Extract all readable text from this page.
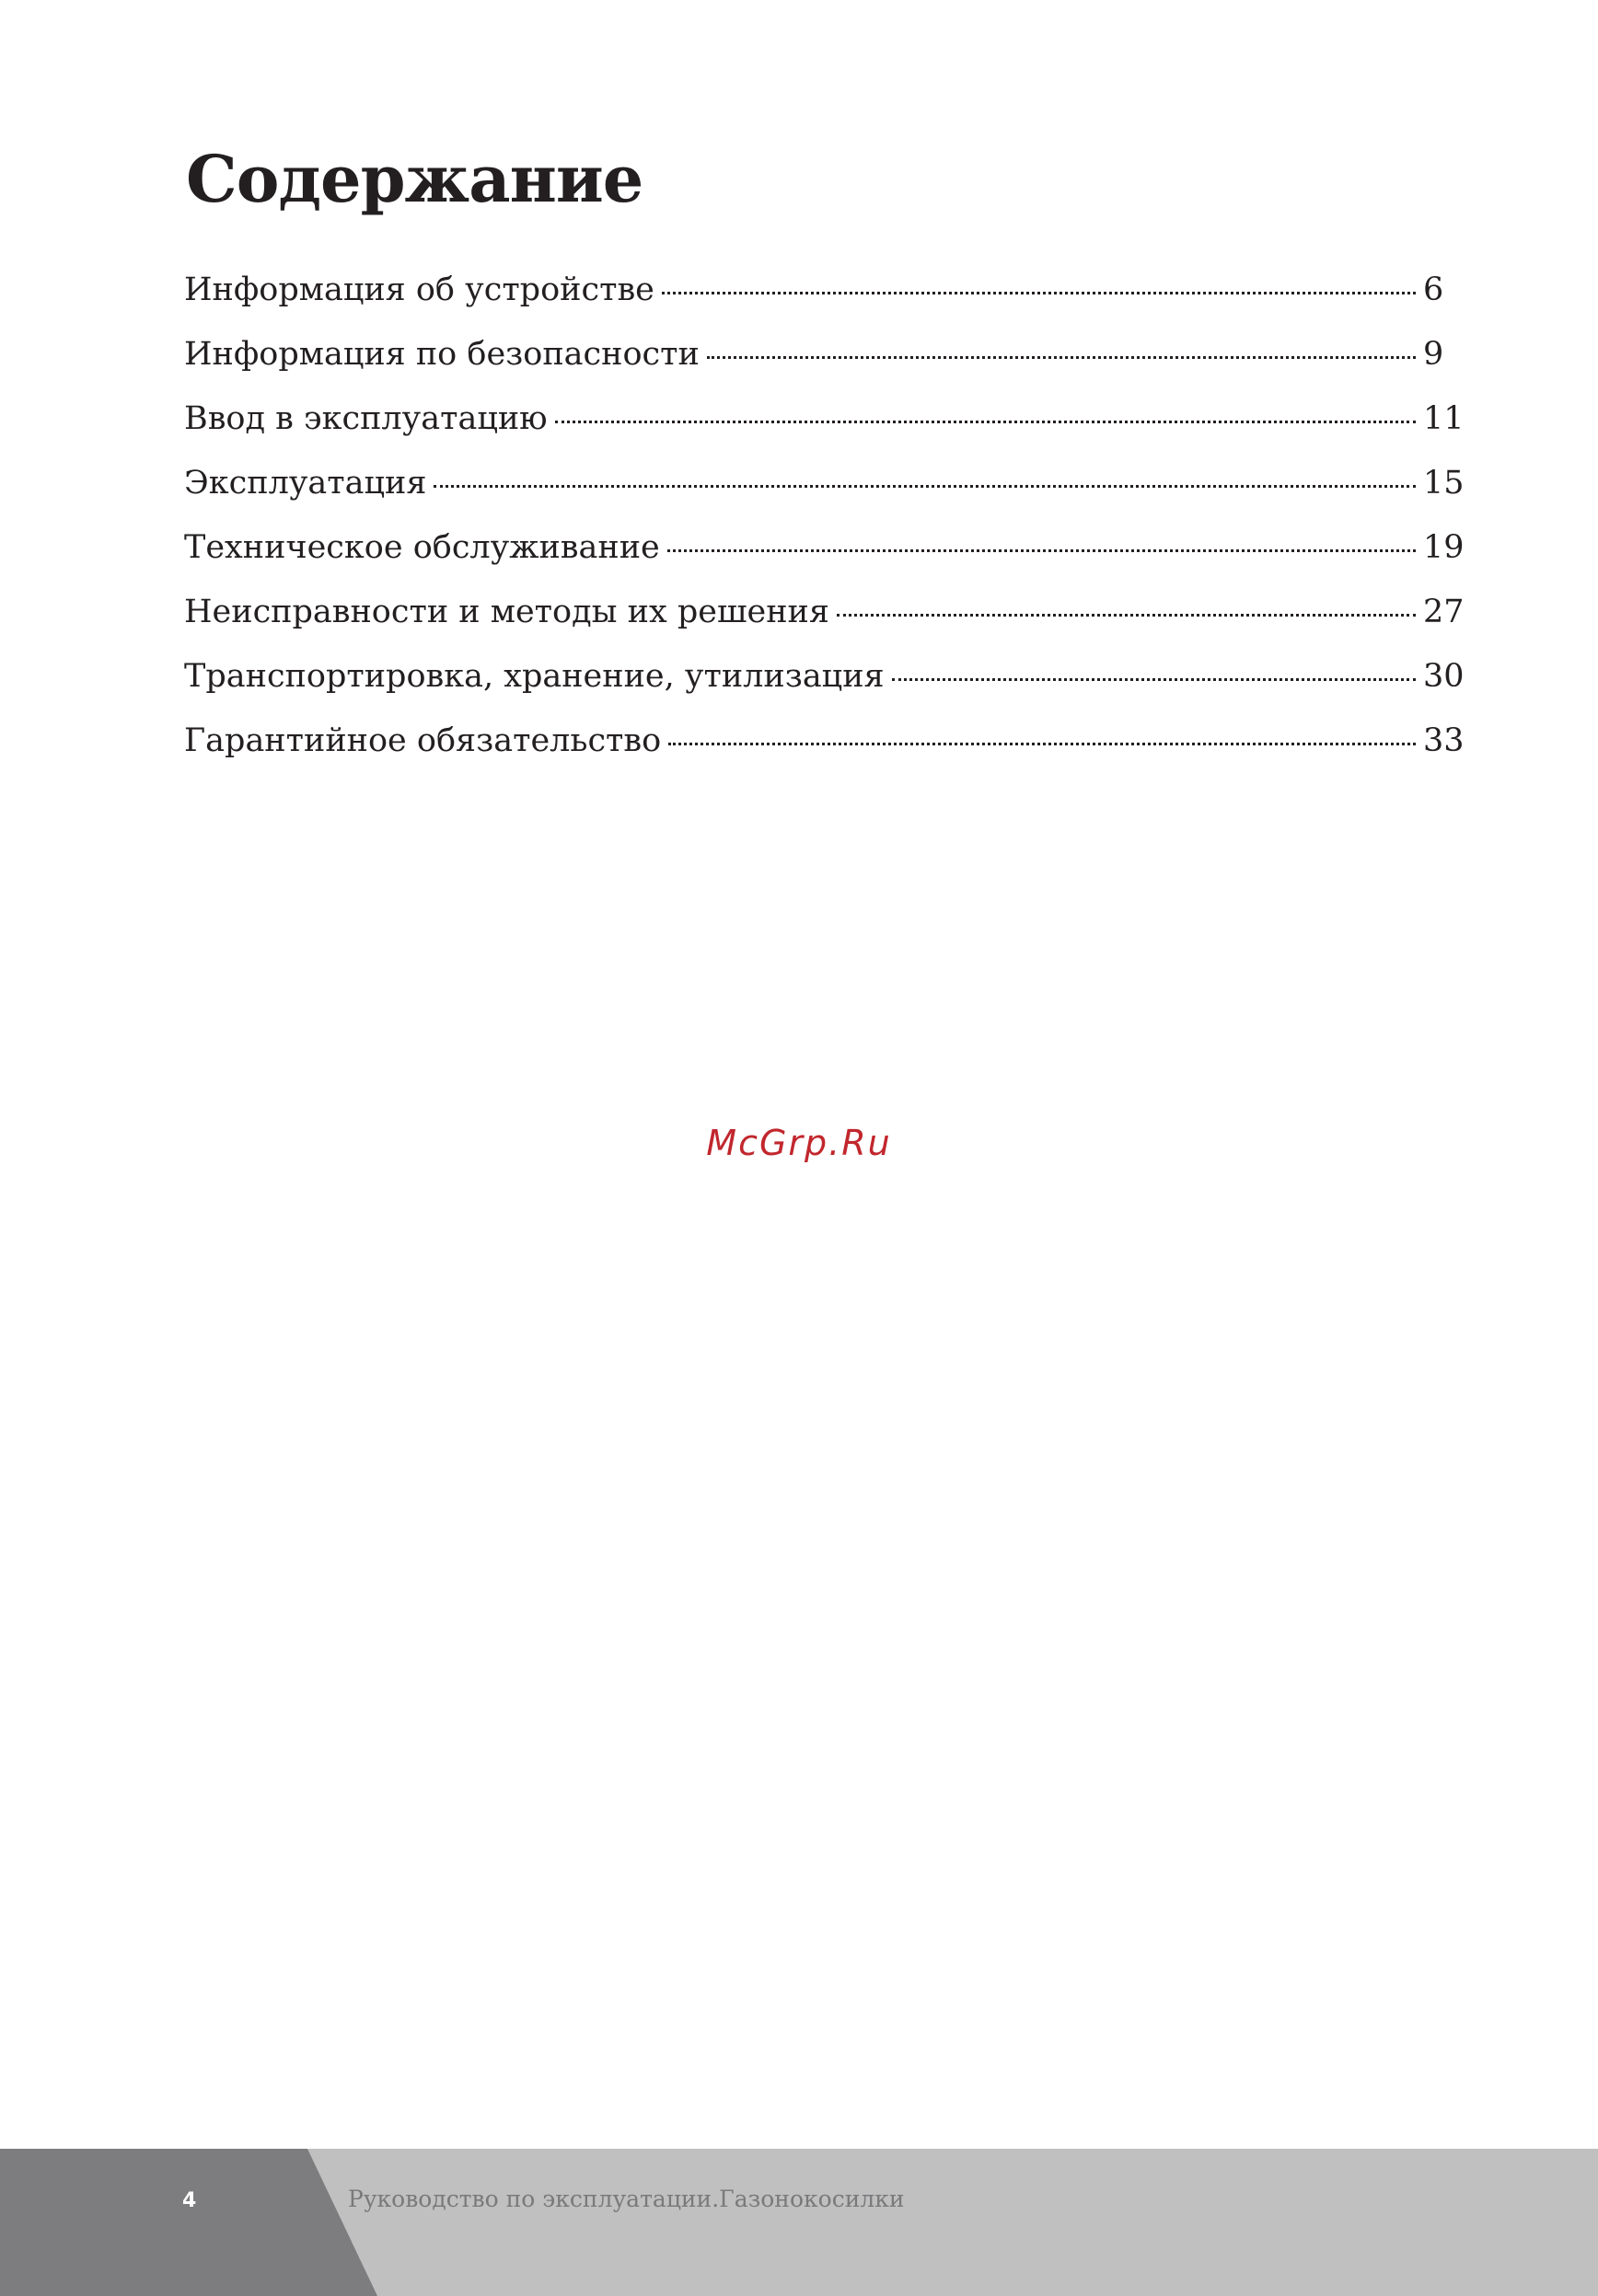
Содержание
Информация об устройстве	6
Информация по безопасности	9
Ввод в эксплуатацию	11
Эксплуатация	15
Техническое обслуживание	19
Неисправности и методы их решения	27
Транспортировка, хранение, утилизация	30
Гарантийное обязательство	33
McGrp.Ru
4	Руководство по эксплуатации.Газонокосилки
